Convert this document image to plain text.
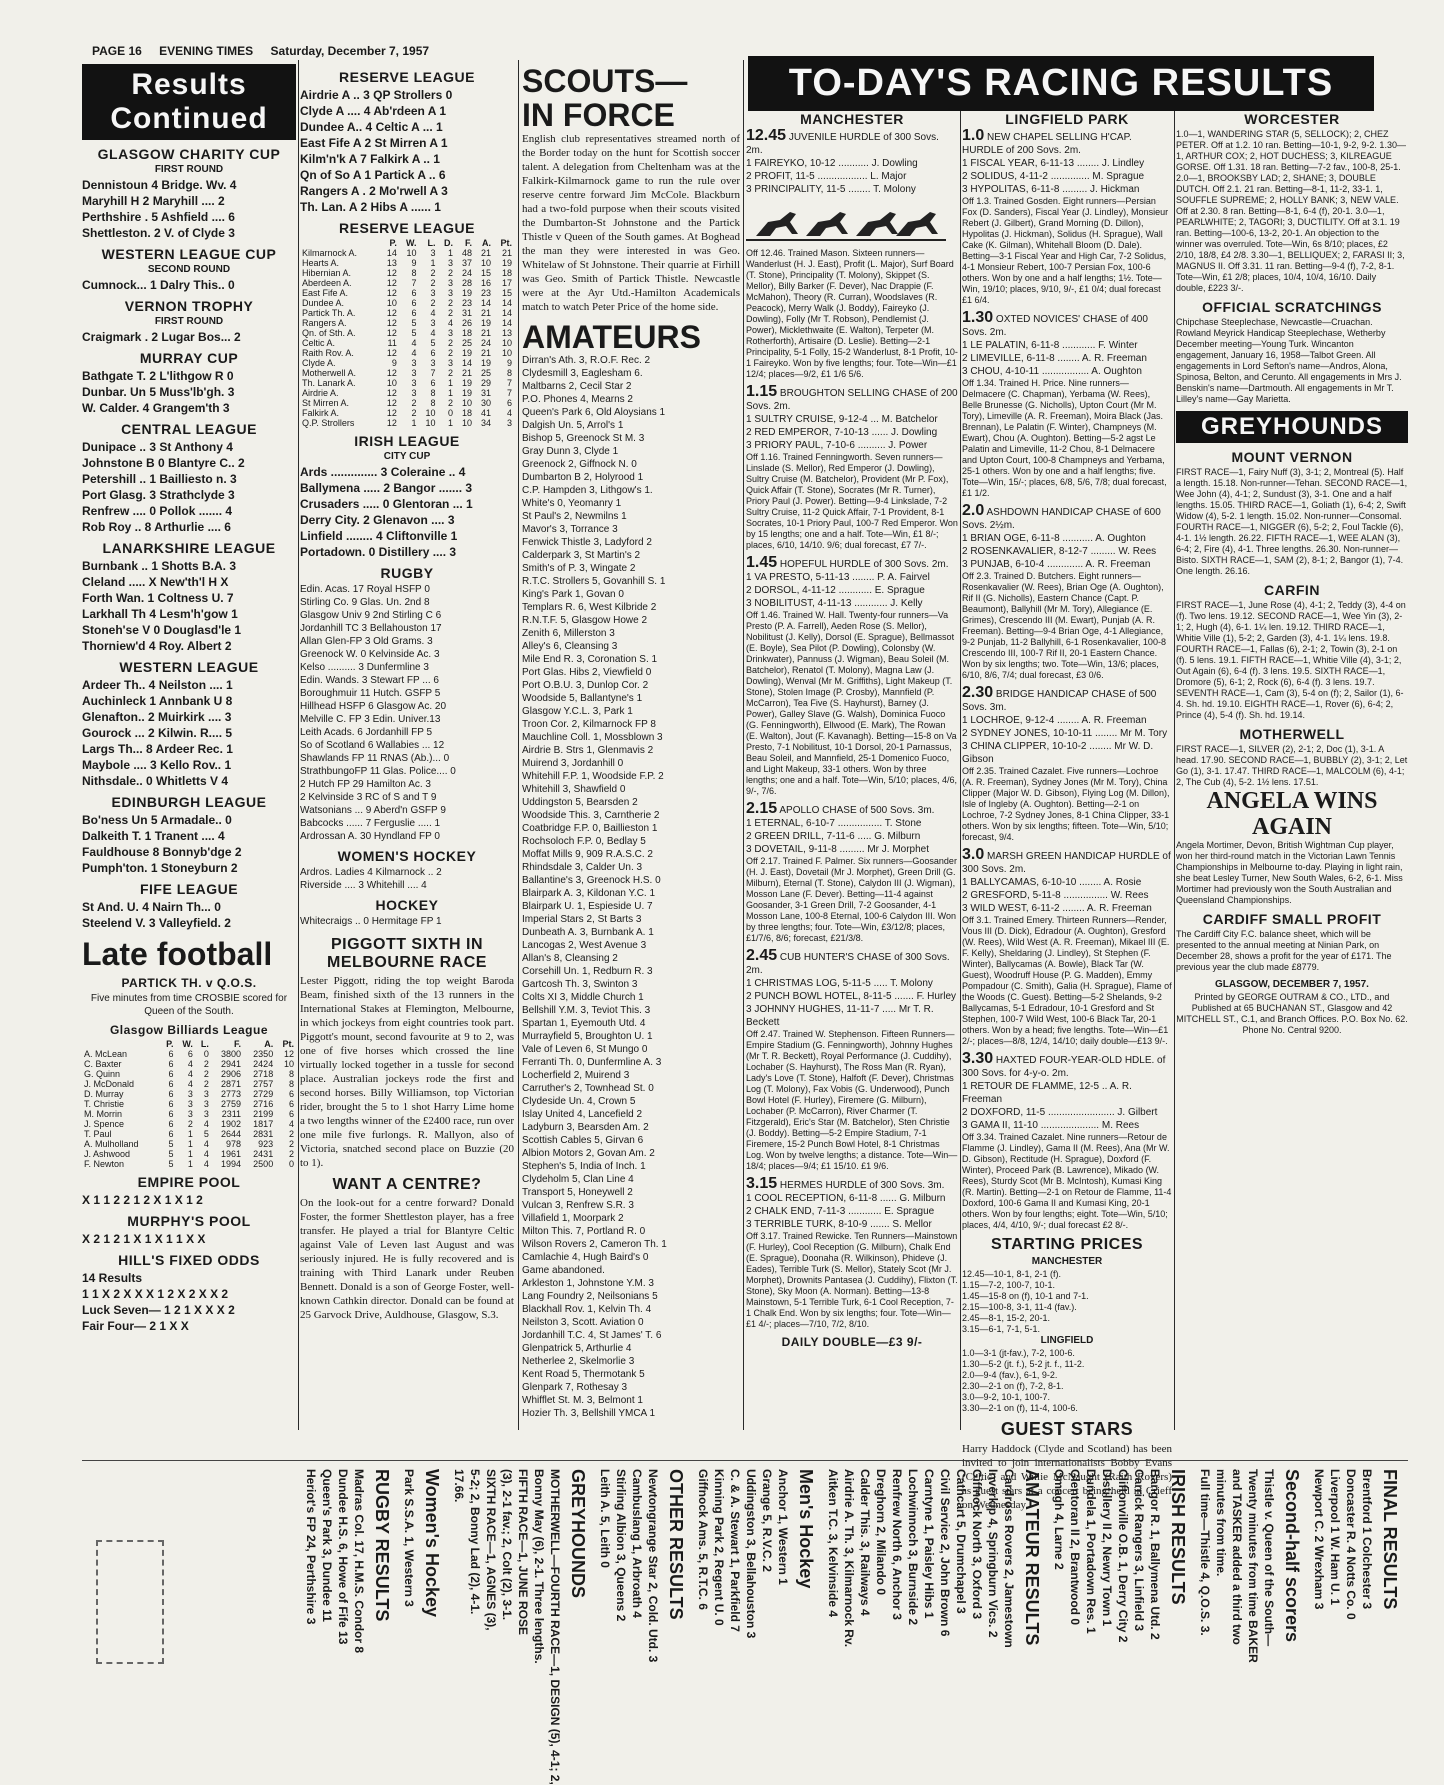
PAGE 16 EVENING TIMES Saturday, December 7, 1957
TO-DAY'S RACING RESULTS
Results Continued
GLASGOW CHARITY CUP
FIRST ROUND
Dennistoun 4 Bridge. Wv. 4
Maryhill H 2 Maryhill .... 2
Perthshire . 5 Ashfield .... 6
Shettleston. 2 V. of Clyde 3
WESTERN LEAGUE CUP
SECOND ROUND
Cumnock... 1 Dalry This.. 0
VERNON TROPHY
FIRST ROUND
Craigmark . 2 Lugar Bos... 2
MURRAY CUP
Bathgate T. 2 L'lithgow R 0
Dunbar. Un 5 Muss'lb'gh. 3
W. Calder. 4 Grangem'th 3
CENTRAL LEAGUE
Dunipace .. 3 St Anthony 4
Johnstone B 0 Blantyre C.. 2
Petershill .. 1 Bailliesto n. 3
Port Glasg. 3 Strathclyde 3
Renfrew .... 0 Pollok ....... 4
Rob Roy .. 8 Arthurlie .... 6
LANARKSHIRE LEAGUE
Burnbank .. 1 Shotts B.A. 3
Cleland ..... X New'th'l H X
Forth Wan. 1 Coltness U. 7
Larkhall Th 4 Lesm'h'gow 1
Stoneh'se V 0 Douglasd'le 1
Thorniew'd 4 Roy. Albert 2
WESTERN LEAGUE
Ardeer Th.. 4 Neilston .... 1
Auchinleck 1 Annbank U 8
Glenafton.. 2 Muirkirk .... 3
Gourock ... 2 Kilwin. R.... 5
Largs Th... 8 Ardeer Rec. 1
Maybole .... 3 Kello Rov.. 1
Nithsdale.. 0 Whitletts V 4
EDINBURGH LEAGUE
Bo'ness Un 5 Armadale.. 0
Dalkeith T. 1 Tranent .... 4
Fauldhouse 8 Bonnyb'dge 2
Pumph'ton. 1 Stoneyburn 2
FIFE LEAGUE
St And. U. 4 Nairn Th... 0
Steelend V. 3 Valleyfield. 2
Late football
PARTICK TH. v Q.O.S.
Five minutes from time CROSBIE scored for Queen of the South.
Glasgow Billiards League
	P.	W.	L.	F.	A.	Pt.
A. McLean	6	6	0	3800	2350	12
C. Baxter	6	4	2	2941	2424	10
G. Quinn	6	4	2	2906	2718	8
J. McDonald	6	4	2	2871	2757	8
D. Murray	6	3	3	2773	2729	6
T. Christie	6	3	3	2759	2716	6
M. Morrin	6	3	3	2311	2199	6
J. Spence	6	2	4	1902	1817	4
T. Paul	6	1	5	2644	2831	2
A. Mulholland	5	1	4	978	923	2
J. Ashwood	5	1	4	1961	2431	2
F. Newton	5	1	4	1994	2500	0
EMPIRE POOL
X 1 1 2 2 1 2 X 1 X 1 2
MURPHY'S POOL
X 2 1 2 1 X 1 X 1 1 X X
HILL'S FIXED ODDS
14 Results
1 1 X 2 X X X 1 2 X 2 X X 2
Luck Seven— 1 2 1 X X X 2
Fair Four— 2 1 X X
RESERVE LEAGUE
Airdrie A .. 3 QP Strollers 0
Clyde A .... 4 Ab'rdeen A 1
Dundee A.. 4 Celtic A ... 1
East Fife A 2 St Mirren A 1
Kilm'n'k A 7 Falkirk A .. 1
Qn of So A 1 Partick A .. 6
Rangers A . 2 Mo'rwell A 3
Th. Lan. A 2 Hibs A ...... 1
RESERVE LEAGUE
	P.	W.	L.	D.	F.	A.	Pt.
Kilmarnock A.	14	10	3	1	48	21	21
Hearts A.	13	9	1	3	37	10	19
Hibernian A.	12	8	2	2	24	15	18
Aberdeen A.	12	7	2	3	28	16	17
East Fife A.	12	6	3	3	19	23	15
Dundee A.	10	6	2	2	23	14	14
Partick Th. A.	12	6	4	2	31	21	14
Rangers A.	12	5	3	4	26	19	14
Qn. of Sth. A.	12	5	4	3	18	21	13
Celtic A.	11	4	5	2	25	24	10
Raith Rov. A.	12	4	6	2	19	21	10
Clyde A.	9	3	3	3	14	19	9
Motherwell A.	12	3	7	2	21	25	8
Th. Lanark A.	10	3	6	1	19	29	7
Airdrie A.	12	3	8	1	19	31	7
St Mirren A.	12	2	8	2	10	30	6
Falkirk A.	12	2	10	0	18	41	4
Q.P. Strollers	12	1	10	1	10	34	3
IRISH LEAGUE
CITY CUP
Ards .............. 3 Coleraine .. 4
Ballymena ..... 2 Bangor ....... 3
Crusaders ..... 0 Glentoran ... 1
Derry City. 2 Glenavon .... 3
Linfield ........ 4 Cliftonville 1
Portadown. 0 Distillery .... 3
RUGBY
Edin. Acas. 17 Royal HSFP 0
Stirling Co. 9 Glas. Un. 2nd 8
Glasgow Univ 9 2nd Stirling C 6
Jordanhill TC 3 Bellahouston 17
Allan Glen-FP 3 Old Grams. 3
Greenock W. 0 Kelvinside Ac. 3
Kelso .......... 3 Dunfermline 3
Edin. Wands. 3 Stewart FP ... 6
Boroughmuir 11 Hutch. GSFP 5
Hillhead HSFP 6 Glasgow Ac. 20
Melville C. FP 3 Edin. Univer.13
Leith Acads. 6 Jordanhill FP 5
So of Scotland 6 Wallabies ... 12
Shawlands FP 11 RNAS (Ab.)... 0
StrathbungoFP 11 Glas. Police.... 0
2 Hutch FP 29 Hamilton Ac. 3
2 Kelvinside 3 RC of S and T 9
Watsonians ... 9 Aberd'n GSFP 9
Babcocks ...... 7 Ferguslie ..... 1
Ardrossan A. 30 Hyndland FP 0
WOMEN'S HOCKEY
Ardros. Ladies 4 Kilmarnock .. 2
Riverside .... 3 Whitehill .... 4
HOCKEY
Whitecraigs .. 0 Hermitage FP 1
PIGGOTT SIXTH IN MELBOURNE RACE
Lester Piggott, riding the top weight Baroda Beam, finished sixth of the 13 runners in the International Stakes at Flemington, Melbourne, in which jockeys from eight countries took part. Piggott's mount, second favourite at 9 to 2, was one of five horses which crossed the line virtually locked together in a tussle for second place. Australian jockeys rode the first and second horses. Billy Williamson, top Victorian rider, brought the 5 to 1 shot Harry Lime home a two lengths winner of the £2400 race, run over one mile five furlongs. R. Mallyon, also of Victoria, snatched second place on Buzzie (20 to 1).
WANT A CENTRE?
On the look-out for a centre forward? Donald Foster, the former Shettleston player, has a free transfer. He played a trial for Blantyre Celtic against Vale of Leven last August and was seriously injured. He is fully recovered and is training with Third Lanark under Reuben Bennett. Donald is a son of George Foster, well-known Cathkin director. Donald can be found at 25 Garvock Drive, Auldhouse, Glasgow, S.3.
SCOUTS—
IN FORCE
English club representatives streamed north of the Border today on the hunt for Scottish soccer talent. A delegation from Cheltenham was at the Falkirk-Kilmarnock game to run the rule over reserve centre forward Jim McCole. Blackburn had a two-fold purpose when their scouts visited the Dumbarton-St Johnstone and the Partick Thistle v Queen of the South games. At Boghead the man they were interested in was Geo. Whitelaw of St Johnstone. Their quarrie at Firhill was Geo. Smith of Partick Thistle. Newcastle were at the Ayr Utd.-Hamilton Academicals match to watch Peter Price of the home side.
AMATEURS
Dirran's Ath. 3, R.O.F. Rec. 2
Clydesmill 3, Eaglesham 6.
Maltbarns 2, Cecil Star 2
P.O. Phones 4, Mearns 2
Queen's Park 6, Old Aloysians 1
Dalgish Un. 5, Arrol's 1
Bishop 5, Greenock St M. 3
Gray Dunn 3, Clyde 1
Greenock 2, Giffnock N. 0
Dumbarton B 2, Holyrood 1
C.P. Hampden 3, Lithgow's 1.
White's 0, Yeomanry 1
St Paul's 2, Newmilns 1
Mavor's 3, Torrance 3
Fenwick Thistle 3, Ladyford 2
Calderpark 3, St Martin's 2
Smith's of P. 3, Wingate 2
R.T.C. Strollers 5, Govanhill S. 1
King's Park 1, Govan 0
Templars R. 6, West Kilbride 2
R.N.T.F. 5, Glasgow Howe 2
Zenith 6, Millerston 3
Alley's 6, Cleansing 3
Mile End R. 3, Coronation S. 1
Port Glas. Hibs 2, Viewfield 0
Port O.B.U. 3, Dunlop Cor. 2
Woodside 5, Ballantyne's 1
Glasgow Y.C.L. 3, Park 1
Troon Cor. 2, Kilmarnock FP 8
Mauchline Coll. 1, Mossblown 3
Airdrie B. Strs 1, Glenmavis 2
Muirend 3, Jordanhill 0
Whitehill F.P. 1, Woodside F.P. 2
Whitehill 3, Shawfield 0
Uddingston 5, Bearsden 2
Woodside This. 3, Carntherie 2
Coatbridge F.P. 0, Baillieston 1
Rochsoloch F.P. 0, Bedlay 5
Moffat Mills 9, 909 R.A.S.C. 2
Rhindsdale 3, Calder Un. 3
Ballantine's 3, Greenock H.S. 0
Blairpark A. 3, Kildonan Y.C. 1
Blairpark U. 1, Espieside U. 7
Imperial Stars 2, St Barts 3
Dunbeath A. 3, Burnbank A. 1
Lancogas 2, West Avenue 3
Allan's 8, Cleansing 2
Corsehill Un. 1, Redburn R. 3
Gartcosh Th. 3, Swinton 3
Colts XI 3, Middle Church 1
Bellshill Y.M. 3, Teviot This. 3
Spartan 1, Eyemouth Utd. 4
Murrayfield 5, Broughton U. 1
Vale of Leven 6, St Mungo 0
Ferranti Th. 0, Dunfermline A. 3
Locherfield 2, Muirend 3
Carruther's 2, Townhead St. 0
Clydeside Un. 4, Crown 5
Islay United 4, Lancefield 2
Ladyburn 3, Bearsden Am. 2
Scottish Cables 5, Girvan 6
Albion Motors 2, Govan Am. 2
Stephen's 5, India of Inch. 1
Clydeholm 5, Clan Line 4
Transport 5, Honeywell 2
Vulcan 3, Renfrew S.R. 3
Villafield 1, Moorpark 2
Milton This. 7, Portland R. 0
Wilson Rovers 2, Cameron Th. 1
Camlachie 4, Hugh Baird's 0
Game abandoned.
Arkleston 1, Johnstone Y.M. 3
Lang Foundry 2, Neilsonians 5
Blackhall Rov. 1, Kelvin Th. 4
Neilston 3, Scott. Aviation 0
Jordanhill T.C. 4, St James' T. 6
Glenpatrick 5, Arthurlie 4
Netherlee 2, Skelmorlie 3
Kent Road 5, Thermotank 5
Glenpark 7, Rothesay 3
Whifflet St. M. 3, Belmont 1
Hozier Th. 3, Bellshill YMCA 1
MANCHESTER
12.45 JUVENILE HURDLE of 300 Sovs. 2m.
1 FAIREYKO, 10-12 ........... J. Dowling
2 PROFIT, 11-5 .................. L. Major
3 PRINCIPALITY, 11-5 ........ T. Molony
Off 12.46. Trained Mason. Sixteen runners—Wanderlust (H. J. East), Profit (L. Major), Surf Board (T. Stone), Principality (T. Molony), Skippet (S. Mellor), Billy Barker (F. Dever), Nac Drappie (F. McMahon), Theory (R. Curran), Woodslaves (R. Peacock), Merry Walk (J. Boddy), Faireyko (J. Dowling), Folly (Mr T. Robson), Pendlemist (J. Power), Micklethwaite (E. Walton), Terpeter (M. Rotherforth), Artisaire (D. Leslie). Betting—2-1 Principality, 5-1 Folly, 15-2 Wanderlust, 8-1 Profit, 10-1 Faireyko. Won by five lengths; four. Tote—Win—£1 12/4; places—9/2, £1 1/6 5/6.
1.15 BROUGHTON SELLING CHASE of 200 Sovs. 2m.
1 SULTRY CRUISE, 9-12-4 ... M. Batchelor
2 RED EMPEROR, 7-10-13 ...... J. Dowling
3 PRIORY PAUL, 7-10-6 .......... J. Power
Off 1.16. Trained Fenningworth. Seven runners—Linslade (S. Mellor), Red Emperor (J. Dowling), Sultry Cruise (M. Batchelor), Provident (Mr P. Fox), Quick Affair (T. Stone), Socrates (Mr R. Turner), Priory Paul (J. Power). Betting—9-4 Linkslade, 7-2 Sultry Cruise, 11-2 Quick Affair, 7-1 Provident, 8-1 Socrates, 10-1 Priory Paul, 100-7 Red Emperor. Won by 15 lengths; one and a half. Tote—Win, £1 8/-; places, 6/10, 14/10. 9/6; dual forecast, £7 7/-.
1.45 HOPEFUL HURDLE of 300 Sovs. 2m.
1 VA PRESTO, 5-11-13 ........ P. A. Fairvel
2 DORSOL, 4-11-12 ............ E. Sprague
3 NOBILITUST, 4-11-13 ............ J. Kelly
Off 1.46. Trained W. Hall. Twenty-four runners—Va Presto (P. A. Farrell), Aeden Rose (S. Mellor), Nobilitust (J. Kelly), Dorsol (E. Sprague), Bellmassot (E. Boyle), Sea Pilot (P. Dowling), Colonsby (W. Drinkwater), Pannuss (J. Wigman), Beau Soleil (M. Batchelor), Renatol (T. Molony), Magna Law (J. Dowling), Wenval (Mr M. Griffiths), Light Makeup (T. Stone), Stolen Image (P. Crosby), Mannfield (P. McCarron), Tea Five (S. Hayhurst), Barney (J. Power), Galley Slave (G. Walsh), Dominica Fuoco (G. Fenningworth), Ellwood (E. Mark), The Rowan (E. Walton), Jout (F. Kavanagh). Betting—15-8 on Va Presto, 7-1 Nobilitust, 10-1 Dorsol, 20-1 Parnassus, Beau Soleil, and Mannfield, 25-1 Domenico Fuoco, and Light Makeup, 33-1 others. Won by three lengths; one and a half. Tote—Win, 5/10; places, 4/6, 9/-, 7/6.
2.15 APOLLO CHASE of 500 Sovs. 3m.
1 ETERNAL, 6-10-7 ................ T. Stone
2 GREEN DRILL, 7-11-6 ..... G. Milburn
3 DOVETAIL, 9-11-8 ......... Mr J. Morphet
Off 2.17. Trained F. Palmer. Six runners—Goosander (H. J. East), Dovetail (Mr J. Morphet), Green Drill (G. Milburn), Eternal (T. Stone), Calydon III (J. Wigman), Mosson Lane (F. Dever). Betting—11-4 against Goosander, 3-1 Green Drill, 7-2 Goosander, 4-1 Mosson Lane, 100-8 Eternal, 100-6 Calydon III. Won by three lengths; four. Tote—Win, £3/12/8; places, £1/7/6, 8/6; forecast, £21/3/8.
2.45 CUB HUNTER'S CHASE of 300 Sovs. 2m.
1 CHRISTMAS LOG, 5-11-5 ..... T. Molony
2 PUNCH BOWL HOTEL, 8-11-5 ....... F. Hurley
3 JOHNNY HUGHES, 11-11-7 ..... Mr T. R. Beckett
Off 2.47. Trained W. Stephenson. Fifteen Runners—Empire Stadium (G. Fenningworth), Johnny Hughes (Mr T. R. Beckett), Royal Performance (J. Cuddihy), Lochaber (S. Hayhurst), The Ross Man (R. Ryan), Lady's Love (T. Stone), Halfoft (F. Dever), Christmas Log (T. Molony), Fax Vobis (G. Underwood), Punch Bowl Hotel (F. Hurley), Firemere (G. Milburn), Lochaber (P. McCarron), River Charmer (T. Fitzgerald), Eric's Star (M. Batchelor), Sten Christie (J. Boddy). Betting—5-2 Empire Stadium, 7-1 Firemere, 15-2 Punch Bowl Hotel, 8-1 Christmas Log. Won by twelve lengths; a distance. Tote—Win—18/4; places—9/4; £1 15/10. £1 9/6.
3.15 HERMES HURDLE of 300 Sovs. 3m.
1 COOL RECEPTION, 6-11-8 ...... G. Milburn
2 CHALK END, 7-11-3 ............ E. Sprague
3 TERRIBLE TURK, 8-10-9 ....... S. Mellor
Off 3.17. Trained Rewicke. Ten Runners—Mainstown (F. Hurley), Cool Reception (G. Milburn), Chalk End (E. Sprague), Doonaha (R. Wilkinson), Phideve (J. Eades), Terrible Turk (S. Mellor), Stately Scot (Mr J. Morphet), Drownits Pantasea (J. Cuddihy), Flixton (T. Stone), Sky Moon (A. Norman). Betting—13-8 Mainstown, 5-1 Terrible Turk, 6-1 Cool Reception, 7-1 Chalk End. Won by six lengths; four. Tote—Win—£1 4/-; places—7/10, 7/2, 8/10.
DAILY DOUBLE—£3 9/-
LINGFIELD PARK
1.0 NEW CHAPEL SELLING H'CAP. HURDLE of 200 Sovs. 2m.
1 FISCAL YEAR, 6-11-13 ........ J. Lindley
2 SOLIDUS, 4-11-2 .............. M. Sprague
3 HYPOLITAS, 6-11-8 ......... J. Hickman
Off 1.3. Trained Gosden. Eight runners—Persian Fox (D. Sanders), Fiscal Year (J. Lindley), Monsieur Rebert (J. Gilbert), Grand Morning (D. Dillon), Hypolitas (J. Hickman), Solidus (H. Sprague), Wall Cake (K. Gilman), Whitehall Bloom (D. Dale). Betting—3-1 Fiscal Year and High Car, 7-2 Solidus, 4-1 Monsieur Rebert, 100-7 Persian Fox, 100-6 others. Won by one and a half lengths; 1½. Tote—Win, 19/10; places, 9/10, 9/-, £1 0/4; dual forecast £1 6/4.
1.30 OXTED NOVICES' CHASE of 400 Sovs. 2m.
1 LE PALATIN, 6-11-8 ............ F. Winter
2 LIMEVILLE, 6-11-8 ........ A. R. Freeman
3 CHOU, 4-10-11 ................. A. Oughton
Off 1.34. Trained H. Price. Nine runners—Delmacere (C. Chapman), Yerbama (W. Rees), Belle Brunesse (G. Nicholls), Upton Court (Mr M. Tory), Limeville (A. R. Freeman), Moira Black (Jas. Brennan), Le Palatin (F. Winter), Champneys (M. Ewart), Chou (A. Oughton). Betting—5-2 agst Le Palatin and Limeville, 11-2 Chou, 8-1 Delmacere and Upton Court, 100-8 Champneys and Yerbama, 25-1 others. Won by one and a half lengths; five. Tote—Win, 15/-; places, 6/8, 5/6, 7/8; dual forecast, £1 1/2.
2.0 ASHDOWN HANDICAP CHASE of 600 Sovs. 2½m.
1 BRIAN OGE, 6-11-8 ........... A. Oughton
2 ROSENKAVALIER, 8-12-7 ......... W. Rees
3 PUNJAB, 6-10-4 ............. A. R. Freeman
Off 2.3. Trained D. Butchers. Eight runners—Rosenkavalier (W. Rees), Brian Oge (A. Oughton), Rif II (G. Nicholls), Eastern Chance (Capt. P. Beaumont), Ballyhill (Mr M. Tory), Allegiance (E. Grimes), Crescendo III (M. Ewart), Punjab (A. R. Freeman). Betting—9-4 Brian Oge, 4-1 Allegiance, 9-2 Punjab, 11-2 Ballyhill, 6-1 Rosenkavalier, 100-8 Crescendo III, 100-7 Rif II, 20-1 Eastern Chance. Won by six lengths; two. Tote—Win, 13/6; places, 6/10, 8/6, 7/4; dual forecast, £3 0/6.
2.30 BRIDGE HANDICAP CHASE of 500 Sovs. 3m.
1 LOCHROE, 9-12-4 ........ A. R. Freeman
2 SYDNEY JONES, 10-10-11 ........ Mr M. Tory
3 CHINA CLIPPER, 10-10-2 ........ Mr W. D. Gibson
Off 2.35. Trained Cazalet. Five runners—Lochroe (A. R. Freeman), Sydney Jones (Mr M. Tory), China Clipper (Major W. D. Gibson), Flying Log (M. Dillon), Isle of Ingleby (A. Oughton). Betting—2-1 on Lochroe, 7-2 Sydney Jones, 8-1 China Clipper, 33-1 others. Won by six lengths; fifteen. Tote—Win, 5/10; forecast, 9/4.
3.0 MARSH GREEN HANDICAP HURDLE of 300 Sovs. 2m.
1 BALLYCAMAS, 6-10-10 ........ A. Rosie
2 GRESFORD, 5-11-8 ................ W. Rees
3 WILD WEST, 6-11-2 ........ A. R. Freeman
Off 3.1. Trained Emery. Thirteen Runners—Render, Vous III (D. Dick), Edradour (A. Oughton), Gresford (W. Rees), Wild West (A. R. Freeman), Mikael III (E. F. Kelly), Sheldaring (J. Lindley), St Stephen (F. Winter), Ballycamas (A. Bowle), Black Tar (W. Guest), Woodruff House (P. G. Madden), Emmy Pompadour (C. Smith), Galia (H. Sprague), Flame of the Woods (C. Guest). Betting—5-2 Shelands, 9-2 Ballycamas, 5-1 Edradour, 10-1 Gresford and St Stephen, 100-7 Wild West, 100-6 Black Tar, 20-1 others. Won by a head; five lengths. Tote—Win—£1 2/-; places—8/8, 12/4, 14/10; daily double—£13 9/-.
3.30 HAXTED FOUR-YEAR-OLD HDLE. of 300 Sovs. for 4-y-o. 2m.
1 RETOUR DE FLAMME, 12-5 .. A. R. Freeman
2 DOXFORD, 11-5 ........................ J. Gilbert
3 GAMA II, 11-10 ..................... M. Rees
Off 3.34. Trained Cazalet. Nine runners—Retour de Flamme (J. Lindley), Gama II (M. Rees), Ana (Mr W. D. Gibson), Rectitude (H. Sprague), Doxford (F. Winter), Proceed Park (B. Lawrence), Mikado (W. Rees), Sturdy Scot (Mr B. McIntosh), Kumasi King (R. Martin). Betting—2-1 on Retour de Flamme, 11-4 Doxford, 100-6 Gama II and Kumasi King, 20-1 others. Won by four lengths; eight. Tote—Win, 5/10; places, 4/4, 4/10, 9/-; dual forecast £2 8/-.
STARTING PRICES
MANCHESTER
12.45—10-1, 8-1, 2-1 (f).
1.15—7-2, 100-7, 10-1.
1.45—15-8 on (f), 10-1 and 7-1.
2.15—100-8, 3-1, 11-4 (fav.).
2.45—8-1, 15-2, 20-1.
3.15—6-1, 7-1, 5-1.
LINGFIELD
1.0—3-1 (jt-fav.), 7-2, 100-6.
1.30—5-2 (jt. f.), 5-2 jt. f., 11-2.
2.0—9-4 (fav.), 6-1, 9-2.
2.30—2-1 on (f), 7-2, 8-1.
3.0—9-2, 10-1, 100-7.
3.30—2-1 on (f), 11-4, 100-6.
GUEST STARS
Harry Haddock (Clyde and Scotland) has been invited to join internationalists Bobby Evans (Celtic) and Willie McNaught (Raith Rovers) as guest stars at a concert being held in Crieff on Wednesday.
WORCESTER
1.0—1, WANDERING STAR (5, SELLOCK); 2, CHEZ PETER. Off at 1.2. 10 ran. Betting—10-1, 9-2, 9-2. 1.30—1, ARTHUR COX; 2, HOT DUCHESS; 3, KILREAGUE GORSE. Off 1.31. 18 ran. Betting—7-2 fav., 100-8, 25-1. 2.0—1, BROOKSBY LAD; 2, SHANE; 3, DOUBLE DUTCH. Off 2.1. 21 ran. Betting—8-1, 11-2, 33-1. 1, SOUFFLE SUPREME; 2, HOLLY BANK; 3, NEW VALE. Off at 2.30. 8 ran. Betting—8-1, 6-4 (f), 20-1. 3.0—1, PEARLWHITE; 2, TAGORI; 3, DUCTILITY. Off at 3.1. 19 ran. Betting—100-6, 13-2, 20-1. An objection to the winner was overruled. Tote—Win, 6s 8/10; places, £2 2/10, 18/8, £4 2/8. 3.30—1, BELLIQUEX; 2, FARASI II; 3, MAGNUS II. Off 3.31. 11 ran. Betting—9-4 (f), 7-2, 8-1. Tote—Win, £1 2/8; places, 10/4, 10/4, 16/10. Daily double, £223 3/-.
OFFICIAL SCRATCHINGS
Chipchase Steeplechase, Newcastle—Cruachan. Rowland Meyrick Handicap Steeplechase, Wetherby December meeting—Young Turk. Wincanton engagement, January 16, 1958—Talbot Green. All engagements in Lord Sefton's name—Andros, Alona, Spinosa, Belton, and Cerunto. All engagements in Mrs J. Benskin's name—Dartmouth. All engagements in Mr T. Lilley's name—Gay Marietta.
GREYHOUNDS
MOUNT VERNON
FIRST RACE—1, Fairy Nuff (3), 3-1; 2, Montreal (5). Half a length. 15.18. Non-runner—Tehan. SECOND RACE—1, Wee John (4), 4-1; 2, Sundust (3), 3-1. One and a half lengths. 15.05. THIRD RACE—1, Goliath (1), 6-4; 2, Swift Widow (4), 5-2. 1 length. 15.02. Non-runner—Consomal. FOURTH RACE—1, NIGGER (6), 5-2; 2, Foul Tackle (6), 4-1. 1½ length. 26.22. FIFTH RACE—1, WEE ALAN (3), 6-4; 2, Fire (4), 4-1. Three lengths. 26.30. Non-runner—Bisto. SIXTH RACE—1, SAM (2), 8-1; 2, Bangor (1), 7-4. One length. 26.16.
CARFIN
FIRST RACE—1, June Rose (4), 4-1; 2, Teddy (3), 4-4 on (f). Two lens. 19.12. SECOND RACE—1, Wee Yin (3), 2-1; 2, Hugh (4), 6-1. 1¼ len. 19.12. THIRD RACE—1, Whitie Ville (1), 5-2; 2, Garden (3), 4-1. 1¼ lens. 19.8. FOURTH RACE—1, Fallas (6), 2-1; 2, Towin (3), 2-1 on (f). 5 lens. 19.1. FIFTH RACE—1, Whitie Ville (4), 3-1; 2, Out Again (6), 6-4 (f). 3 lens. 19.5. SIXTH RACE—1, Dromore (5), 6-1; 2, Rock (6), 6-4 (f). 3 lens. 19.7. SEVENTH RACE—1, Cam (3), 5-4 on (f); 2, Sailor (1), 6-4. Sh. hd. 19.10. EIGHTH RACE—1, Rover (6), 6-4; 2, Prince (4), 5-4 (f). Sh. hd. 19.14.
MOTHERWELL
FIRST RACE—1, SILVER (2), 2-1; 2, Doc (1), 3-1. A head. 17.90. SECOND RACE—1, BUBBLY (2), 3-1; 2, Let Go (1), 3-1. 17.47. THIRD RACE—1, MALCOLM (6), 4-1; 2, The Cub (4), 5-2. 1½ lens. 17.51.
ANGELA WINS AGAIN
Angela Mortimer, Devon, British Wightman Cup player, won her third-round match in the Victorian Lawn Tennis Championships in Melbourne to-day. Playing in light rain, she beat Lesley Turner, New South Wales, 6-2, 6-1. Miss Mortimer had previously won the South Australian and Queensland Championships.
CARDIFF SMALL PROFIT
The Cardiff City F.C. balance sheet, which will be presented to the annual meeting at Ninian Park, on December 28, shows a profit for the year of £171. The previous year the club made £8779.
GLASGOW, DECEMBER 7, 1957.
Printed by GEORGE OUTRAM & CO., LTD., and Published at 65 BUCHANAN ST., Glasgow and 42 MITCHELL ST., C.1, and Branch Offices. P.O. Box No. 62. Phone No. Central 9200.
FINAL RESULTS
Brentford 1 Colchester 3
Doncaster R. 4 Notts Co. 0
Liverpool 1 W. Ham U. 1
Newport C. 2 Wrexham 3
Second-half scorers
Thistle v. Queen of the South—
Twenty minutes from time BAKER
and TASKER added a third two
minutes from time.
Full time—Thistle 4, Q.O.S. 3.
IRISH RESULTS
Bangor R. 1, Ballymena Utd. 2
Carrick Rangers 3, Linfield 3
Cliftonville O.B. 1, Derry City 2
Distillery II 2, Newry Town 1
Dundela 1, Portadown Res. 1
Glentoran II 2, Brantwood 0
Omagh 4, Larne 2
AMATEUR RESULTS
Cardross Rovers 2, Jamestown
Inverkip 4, Springburn Vics. 2
Giffnock North 3, Oxford 3
Cathcart 5, Drumchapel 3
Civil Service 2, John Brown 6
Carntyne 1, Paisley Hibs 1
Lochwinnoch 3, Burnside 2
Renfrew North 6, Anchor 3
Dreghorn 2, Milando 0
Calder This. 3, Railways 4
Airdrie A. Th. 3, Kilmarnock Rv.
Aitken T.C. 3, Kelvinside 4
Men's Hockey
Anchor 1, Western 1
Grange 5, R.V.C. 2
Uddingston 3, Bellahouston 3
C. & A. Stewart 1, Parkfield 7
Kinning Park 2, Regent U. 0
Giffnock Ams. 5, R.T.C. 6
OTHER RESULTS
Newtongrange Star 2, Cold. Utd. 3
Cambuslang 1, Arbroath 4
Stirling Albion 3, Queens 2
Leith A. 5, Leith 0
GREYHOUNDS
MOTHERWELL—FOURTH RACE—1, DESIGN (5), 4-1; 2,
Bonny May (6), 2-1. Three lengths.
FIFTH RACE—1, JUNE ROSE
(3), 2-1 fav.; 2, Colt (2), 3-1.
SIXTH RACE—1, AGNES (3),
5-2; 2, Bonny Lad (2), 4-1.
17.66.
Women's Hockey
Park S.S.A. 1, Western 3
RUGBY RESULTS
Madras Col. 17, H.M.S. Condor 8
Dundee H.S. 6, Howe of Fife 13
Queen's Park 3, Dundee 11
Heriot's FP 24, Perthshire 3
